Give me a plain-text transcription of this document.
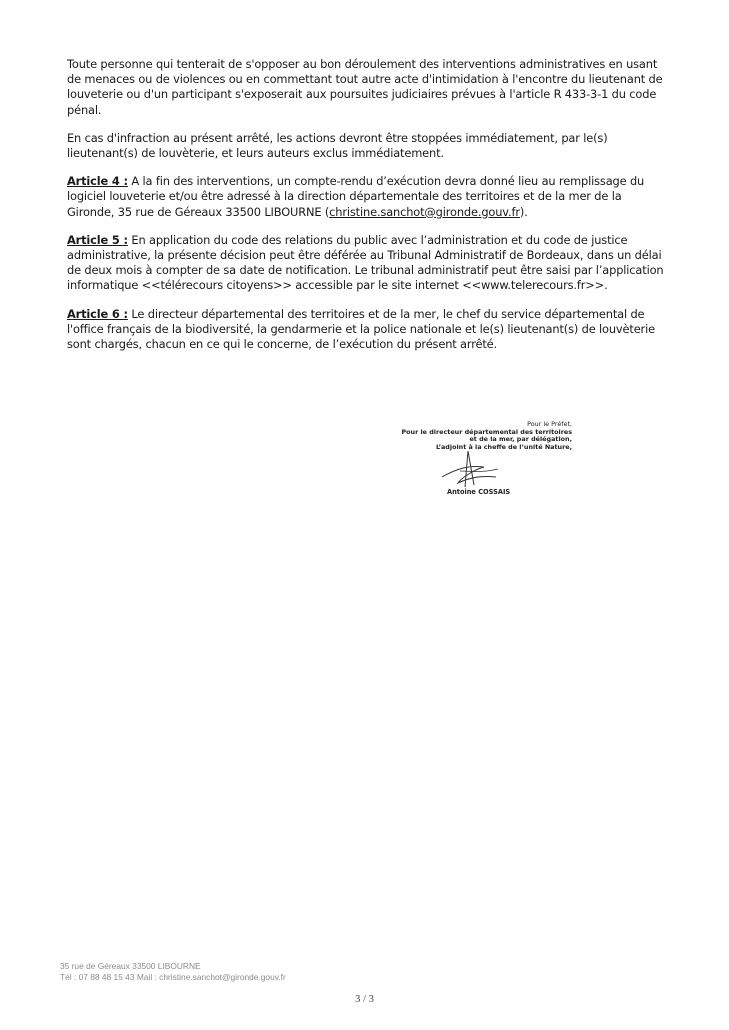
Toute personne qui tenterait de s'opposer au bon déroulement des interventions administratives en usant de menaces ou de violences ou en commettant tout autre acte d'intimidation à l'encontre du lieutenant de louveterie ou d'un participant s'exposerait aux poursuites judiciaires prévues à l'article R 433-3-1 du code pénal.

En cas d'infraction au présent arrêté, les actions devront être stoppées immédiatement, par le(s) lieutenant(s) de louvèterie, et leurs auteurs exclus immédiatement.

Article 4 : A la fin des interventions, un compte-rendu d’exécution devra donné lieu au remplissage du logiciel louveterie et/ou être adressé à la direction départementale des territoires et de la mer de la Gironde, 35 rue de Géreaux 33500 LIBOURNE (christine.sanchot@gironde.gouv.fr).

Article 5 : En application du code des relations du public avec l’administration et du code de justice administrative, la présente décision peut être déférée au Tribunal Administratif de Bordeaux, dans un délai de deux mois à compter de sa date de notification. Le tribunal administratif peut être saisi par l’application informatique <<télérecours citoyens>> accessible par le site internet <<www.telerecours.fr>>.

Article 6 : Le directeur départemental des territoires et de la mer, le chef du service départemental de l'office français de la biodiversité, la gendarmerie et la police nationale et le(s) lieutenant(s) de louvèterie sont chargés, chacun en ce qui le concerne, de l’exécution du présent arrêté.

Pour le Préfet,
Pour le directeur départemental des territoires
et de la mer, par délégation,
L’adjoint à la cheffe de l’unité Nature,
Antoine COSSAIS
35 rue de Géreaux 33500 LIBOURNE
Tél : 07 88 48 15 43 Mail : christine.sanchot@gironde.gouv.fr
3 / 3
